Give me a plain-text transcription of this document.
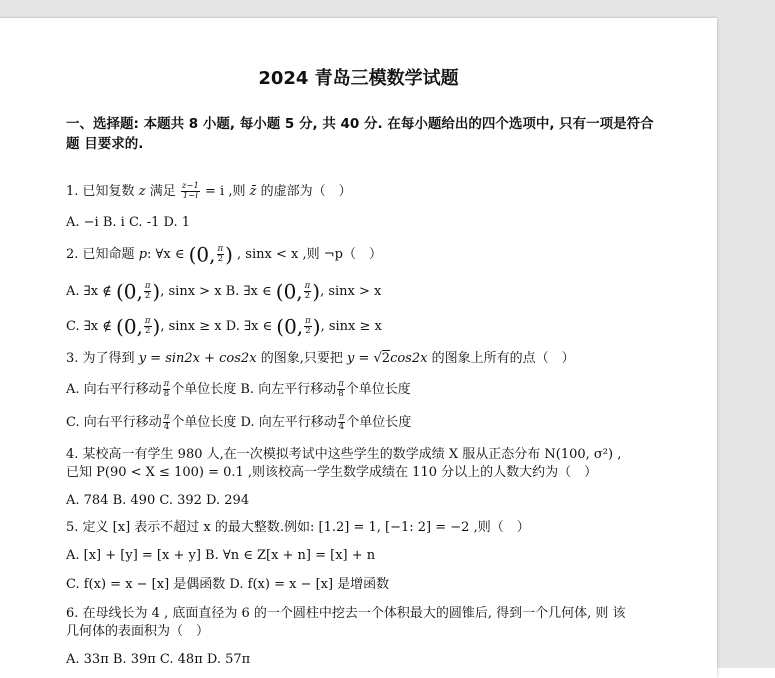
2024 青岛三模数学试题
一、选择题: 本题共 8 小题, 每小题 5 分, 共 40 分. 在每小题给出的四个选项中, 只有一项是符合题 目要求的.
1. 已知复数 z 满足 $\frac{z-1}{1-i} = i$ ,则 z̄ 的虚部为（　）
A. −i B. i C. -1 D. 1
2. 已知命题 p: ∀x ∈ (0, $\frac{\pi}{2}$ ) , sinx < x ,则 ¬p（　）
A. ∃x ∉ (0, $\frac{\pi}{2}$ ), sinx > x B. ∃x ∈ (0, $\frac{\pi}{2}$ ), sinx > x
C. ∃x ∉ (0, $\frac{\pi}{2}$ ), sinx ≥ x D. ∃x ∈ (0, $\frac{\pi}{2}$ ), sinx ≥ x
3. 为了得到 y = sin2x + cos2x 的图象,只要把 y = √2cos2x 的图象上所有的点（　）
A. 向右平行移动 $\frac{\pi}{8}$ 个单位长度 B. 向左平行移动 $\frac{\pi}{8}$ 个单位长度
C. 向右平行移动 $\frac{\pi}{4}$ 个单位长度 D. 向左平行移动 $\frac{\pi}{4}$ 个单位长度
4. 某校高一有学生 980 人,在一次模拟考试中这些学生的数学成绩 X 服从正态分布 N(100, σ²) ,
已知 P(90 < X ≤ 100) = 0.1 ,则该校高一学生数学成绩在 110 分以上的人数大约为（　）
A. 784 B. 490 C. 392 D. 294
5. 定义 [x] 表示不超过 x 的最大整数.例如: [1.2] = 1, [−1: 2] = −2 ,则（　）
A. [x] + [y] = [x + y] B. ∀n ∈ Z[x + n] = [x] + n
C. f(x) = x − [x] 是偶函数 D. f(x) = x − [x] 是增函数
6. 在母线长为 4 , 底面直径为 6 的一个圆柱中挖去一个体积最大的圆锥后, 得到一个几何体, 则 该
几何体的表面积为（　）
A. 33π B. 39π C. 48π D. 57π
